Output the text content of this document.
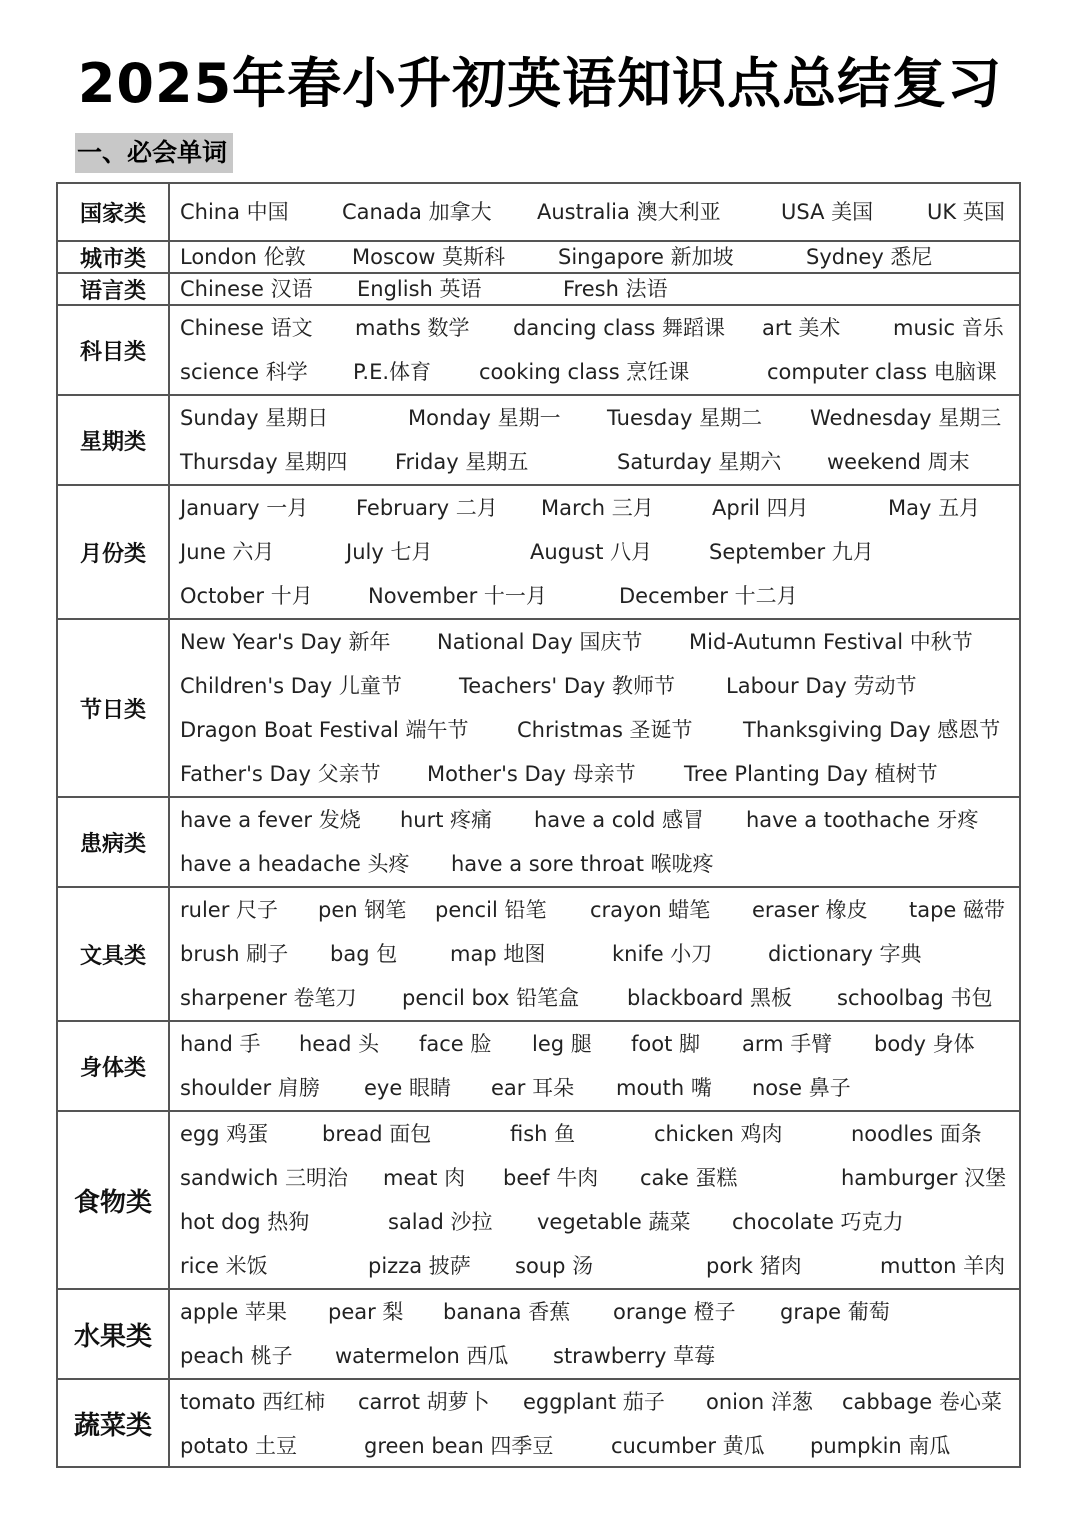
2025年春小升初英语知识点总结复习
一、必会单词
国家类	China 中国	Canada 加拿大 Australia 澳大利亚	USA 美国	UK 英国
城市类	London 伦敦 Moscow 莫斯科	Singapore 新加坡	Sydney 悉尼
语言类	Chinese 汉语 English 英语	Fresh 法语
科目类
Chinese 语文 maths 数学 dancing class 舞蹈课 art 美术	music 音乐
science 科学 P.E.体育 cooking class 烹饪课	computer class 电脑课
星期类
Sunday 星期日	Monday 星期一 Tuesday 星期二 Wednesday 星期三
Thursday 星期四 Friday 星期五	Saturday 星期六 weekend 周末
月份类
January 一月 February 二月 March 三月	April 四月	May 五月
June 六月	July 七月	August 八月	September 九月
October 十月	November 十一月	December 十二月
节日类
New Year's Day 新年 National Day 国庆节 Mid-Autumn Festival 中秋节
Children's Day 儿童节	Teachers' Day 教师节 Labour Day 劳动节
Dragon Boat Festival 端午节 Christmas 圣诞节 Thanksgiving Day 感恩节
Father's Day 父亲节 Mother's Day 母亲节 Tree Planting Day 植树节
患病类
have a fever 发烧 hurt 疼痛 have a cold 感冒 have a toothache 牙疼
have a headache 头疼 have a sore throat 喉咙疼
文具类
ruler 尺子 pen 钢笔 pencil 铅笔 crayon 蜡笔 eraser 橡皮 tape 磁带
brush 刷子 bag 包	map 地图	knife 小刀	dictionary 字典
sharpener 卷笔刀 pencil box 铅笔盒 blackboard 黑板 schoolbag 书包
身体类
hand 手 head 头 face 脸 leg 腿 foot 脚 arm 手臂 body 身体
shoulder 肩膀 eye 眼睛 ear 耳朵 mouth 嘴 nose 鼻子
食物类
egg 鸡蛋	bread 面包	fish 鱼	chicken 鸡肉	noodles 面条
sandwich 三明治 meat 肉 beef 牛肉 cake 蛋糕	hamburger 汉堡
hot dog 热狗	salad 沙拉 vegetable 蔬菜 chocolate 巧克力
rice 米饭	pizza 披萨 soup 汤	pork 猪肉	mutton 羊肉
水果类
apple 苹果 pear 梨 banana 香蕉 orange 橙子 grape 葡萄
peach 桃子 watermelon 西瓜 strawberry 草莓
蔬菜类
tomato 西红柿 carrot 胡萝卜 eggplant 茄子 onion 洋葱 cabbage 卷心菜
potato 土豆	green bean 四季豆	cucumber 黄瓜 pumpkin 南瓜
